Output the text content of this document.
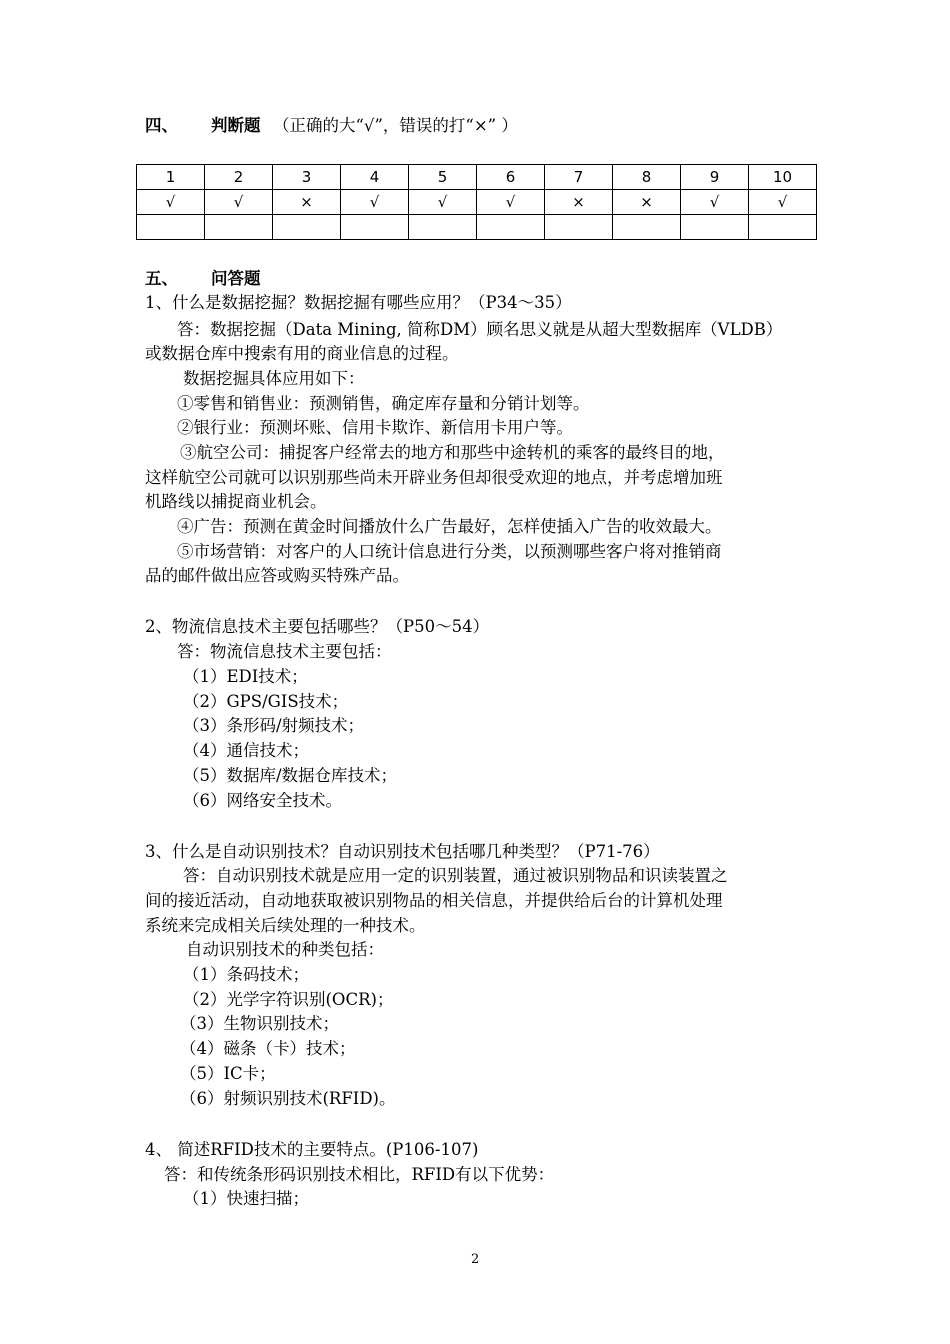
四、 判断题 （正确的大“√”，错误的打“×” ）
1	2	3	4	5	6	7	8	9	10
√	√	×	√	√	√	×	×	√	√

五、 问答题
1、什么是数据挖掘？数据挖掘有哪些应用？（P34～35）
答：数据挖掘（Data Mining, 简称DM）顾名思义就是从超大型数据库（VLDB）
或数据仓库中搜索有用的商业信息的过程。
数据挖掘具体应用如下：
①零售和销售业：预测销售，确定库存量和分销计划等。
②银行业：预测坏账、信用卡欺诈、新信用卡用户等。
③航空公司：捕捉客户经常去的地方和那些中途转机的乘客的最终目的地，
这样航空公司就可以识别那些尚未开辟业务但却很受欢迎的地点，并考虑增加班
机路线以捕捉商业机会。
④广告：预测在黄金时间播放什么广告最好，怎样使插入广告的收效最大。
⑤市场营销：对客户的人口统计信息进行分类，以预测哪些客户将对推销商
品的邮件做出应答或购买特殊产品。
2、物流信息技术主要包括哪些？（P50～54）
答：物流信息技术主要包括：
（1）EDI技术；
（2）GPS/GIS技术；
（3）条形码/射频技术；
（4）通信技术；
（5）数据库/数据仓库技术；
（6）网络安全技术。
3、什么是自动识别技术？自动识别技术包括哪几种类型？（P71-76）
答：自动识别技术就是应用一定的识别装置，通过被识别物品和识读装置之
间的接近活动，自动地获取被识别物品的相关信息，并提供给后台的计算机处理
系统来完成相关后续处理的一种技术。
自动识别技术的种类包括：
（1）条码技术；
（2）光学字符识别(OCR)；
（3）生物识别技术；
（4）磁条（卡）技术；
（5）IC卡；
（6）射频识别技术(RFID)。
4、 简述RFID技术的主要特点。(P106-107)
答：和传统条形码识别技术相比，RFID有以下优势：
（1）快速扫描；
2
